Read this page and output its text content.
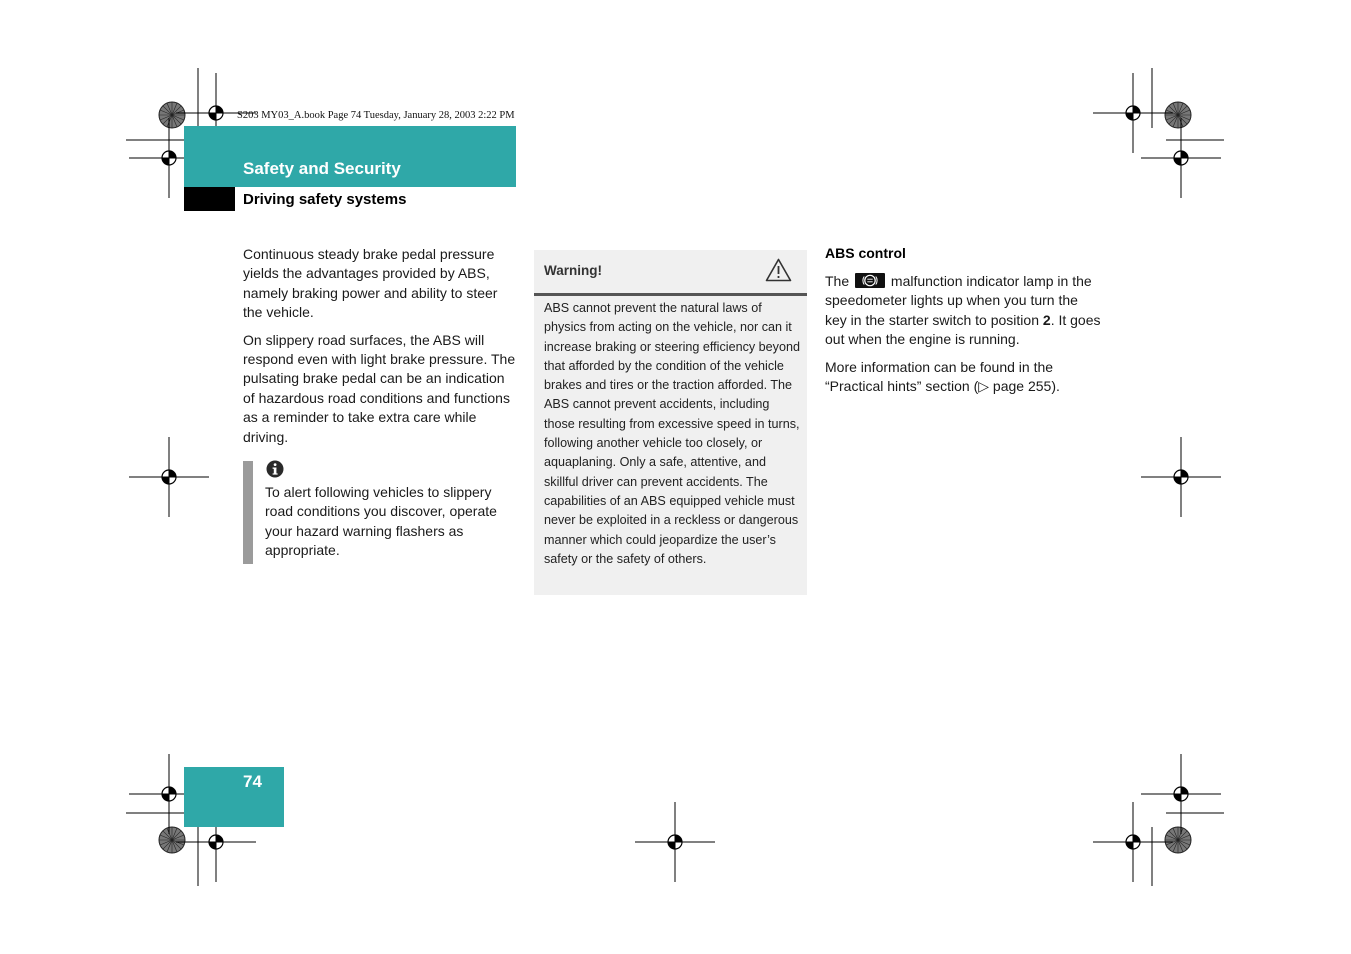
S203 MY03_A.book Page 74 Tuesday, January 28, 2003 2:22 PM
Safety and Security
Driving safety systems

Continuous steady brake pedal pressure yields the advantages provided by ABS, namely braking power and ability to steer the vehicle.

On slippery road surfaces, the ABS will respond even with light brake pressure. The pulsating brake pedal can be an indication of hazardous road conditions and functions as a reminder to take extra care while driving.

To alert following vehicles to slippery road conditions you discover, operate your hazard warning flashers as appropriate.
Warning!
ABS cannot prevent the natural laws of physics from acting on the vehicle, nor can it increase braking or steering efficiency beyond that afforded by the condition of the vehicle brakes and tires or the traction afforded. The ABS cannot prevent accidents, including those resulting from excessive speed in turns, following another vehicle too closely, or aquaplaning. Only a safe, attentive, and skillful driver can prevent accidents. The capabilities of an ABS equipped vehicle must never be exploited in a reckless or dangerous manner which could jeopardize the user’s safety or the safety of others.
ABS control

The	malfunction indicator lamp in the speedometer lights up when you turn the key in the starter switch to position 2. It goes out when the engine is running.

More information can be found in the “Practical hints” section (▷ page 255).

74
